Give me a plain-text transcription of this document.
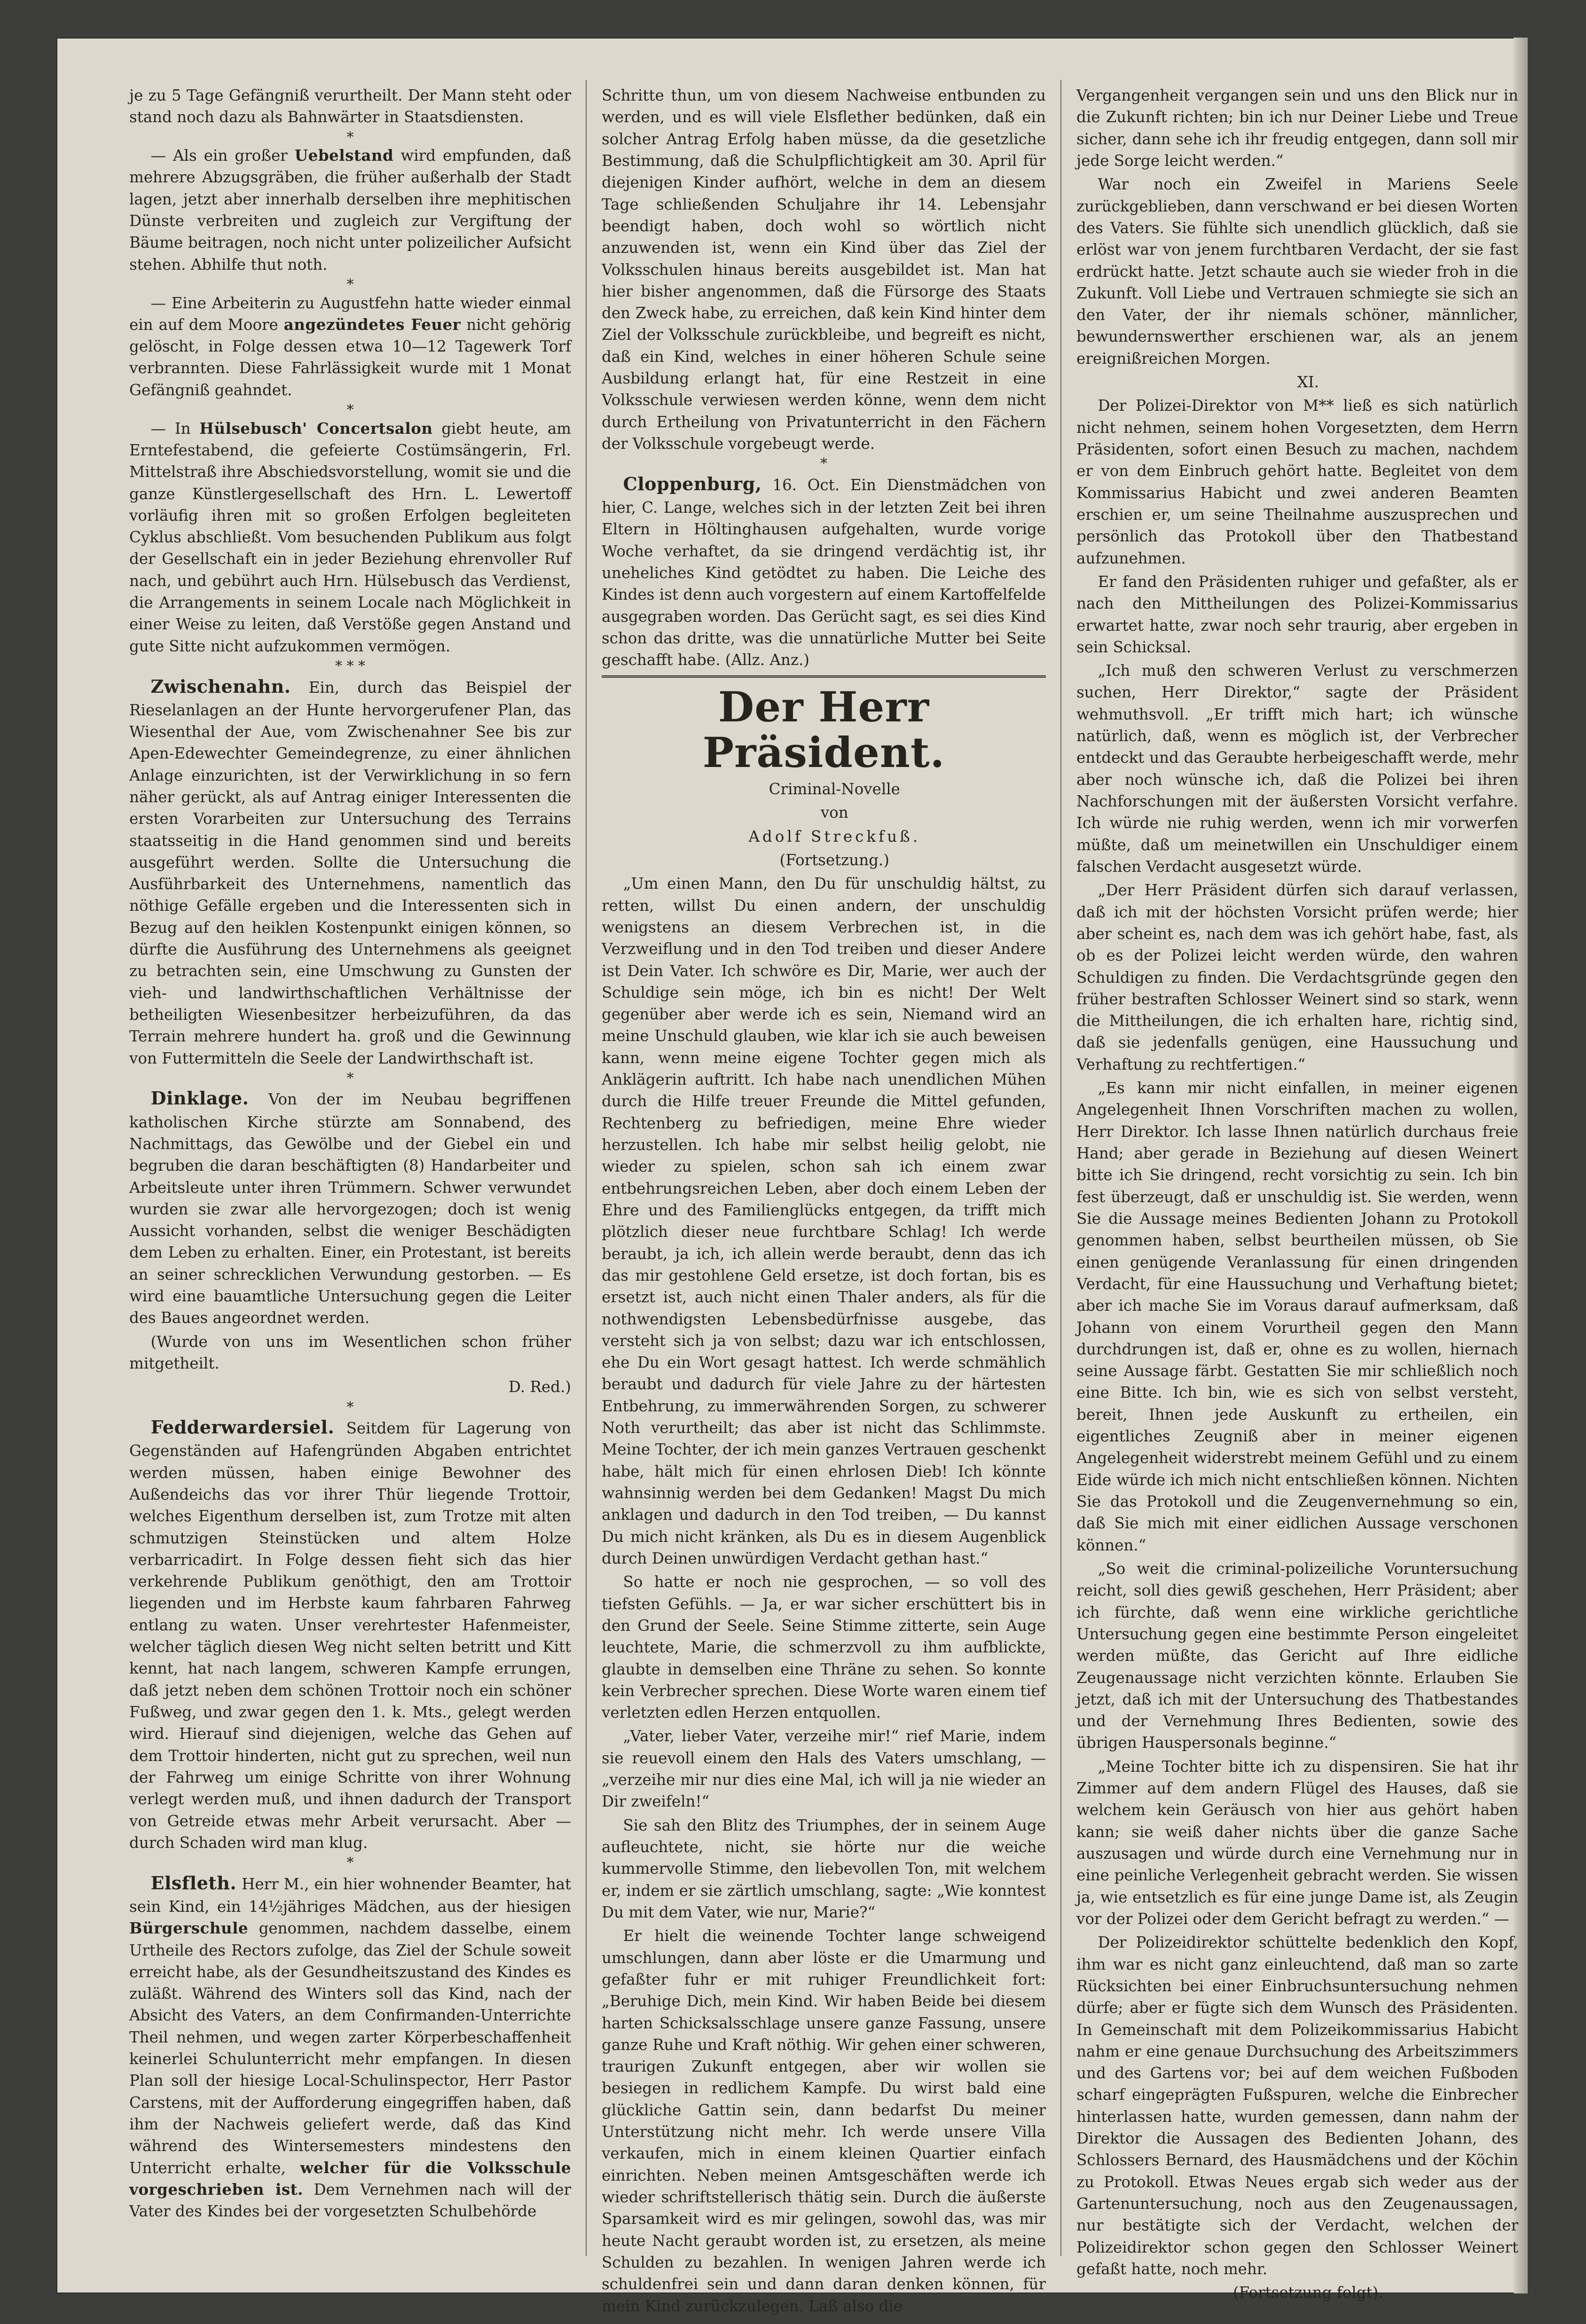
je zu 5 Tage Gefängniß verurtheilt. Der Mann steht oder stand noch dazu als Bahnwärter in Staatsdiensten.

*

— Als ein großer Uebelstand wird empfunden, daß mehrere Abzugsgräben, die früher außerhalb der Stadt lagen, jetzt aber innerhalb derselben ihre mephitischen Dünste verbreiten und zugleich zur Vergiftung der Bäume beitragen, noch nicht unter polizeilicher Aufsicht stehen. Abhilfe thut noth.

*

— Eine Arbeiterin zu Augustfehn hatte wieder einmal ein auf dem Moore angezündetes Feuer nicht gehörig gelöscht, in Folge dessen etwa 10—12 Tagewerk Torf verbrannten. Diese Fahrlässigkeit wurde mit 1 Monat Gefängniß geahndet.

*

— In Hülsebusch' Concertsalon giebt heute, am Erntefestabend, die gefeierte Costümsängerin, Frl. Mittelstraß ihre Abschiedsvorstellung, womit sie und die ganze Künstlergesellschaft des Hrn. L. Lewertoff vorläufig ihren mit so großen Erfolgen begleiteten Cyklus abschließt. Vom besuchenden Publikum aus folgt der Gesellschaft ein in jeder Beziehung ehrenvoller Ruf nach, und gebührt auch Hrn. Hülsebusch das Verdienst, die Arrangements in seinem Locale nach Möglichkeit in einer Weise zu leiten, daß Verstöße gegen Anstand und gute Sitte nicht aufzukommen vermögen.

* * *

Zwischenahn. Ein, durch das Beispiel der Rieselanlagen an der Hunte hervorgerufener Plan, das Wiesenthal der Aue, vom Zwischenahner See bis zur Apen-Edewechter Gemeindegrenze, zu einer ähnlichen Anlage einzurichten, ist der Verwirklichung in so fern näher gerückt, als auf Antrag einiger Interessenten die ersten Vorarbeiten zur Untersuchung des Terrains staatsseitig in die Hand genommen sind und bereits ausgeführt werden. Sollte die Untersuchung die Ausführbarkeit des Unternehmens, namentlich das nöthige Gefälle ergeben und die Interessenten sich in Bezug auf den heiklen Kostenpunkt einigen können, so dürfte die Ausführung des Unternehmens als geeignet zu betrachten sein, eine Umschwung zu Gunsten der vieh- und landwirthschaftlichen Verhältnisse der betheiligten Wiesenbesitzer herbeizuführen, da das Terrain mehrere hundert ha. groß und die Gewinnung von Futtermitteln die Seele der Landwirthschaft ist.

*

Dinklage. Von der im Neubau begriffenen katholischen Kirche stürzte am Sonnabend, des Nachmittags, das Gewölbe und der Giebel ein und begruben die daran beschäftigten (8) Handarbeiter und Arbeitsleute unter ihren Trümmern. Schwer verwundet wurden sie zwar alle hervorgezogen; doch ist wenig Aussicht vorhanden, selbst die weniger Beschädigten dem Leben zu erhalten. Einer, ein Protestant, ist bereits an seiner schrecklichen Verwundung gestorben. — Es wird eine bauamtliche Untersuchung gegen die Leiter des Baues angeordnet werden.

(Wurde von uns im Wesentlichen schon früher mitgetheilt.

D. Red.)

*

Fedderwardersiel. Seitdem für Lagerung von Gegenständen auf Hafengründen Abgaben entrichtet werden müssen, haben einige Bewohner des Außendeichs das vor ihrer Thür liegende Trottoir, welches Eigenthum derselben ist, zum Trotze mit alten schmutzigen Steinstücken und altem Holze verbarricadirt. In Folge dessen fieht sich das hier verkehrende Publikum genöthigt, den am Trottoir liegenden und im Herbste kaum fahrbaren Fahrweg entlang zu waten. Unser verehrtester Hafenmeister, welcher täglich diesen Weg nicht selten betritt und Kitt kennt, hat nach langem, schweren Kampfe errungen, daß jetzt neben dem schönen Trottoir noch ein schöner Fußweg, und zwar gegen den 1. k. Mts., gelegt werden wird. Hierauf sind diejenigen, welche das Gehen auf dem Trottoir hinderten, nicht gut zu sprechen, weil nun der Fahrweg um einige Schritte von ihrer Wohnung verlegt werden muß, und ihnen dadurch der Transport von Getreide etwas mehr Arbeit verursacht. Aber — durch Schaden wird man klug.

*

Elsfleth. Herr M., ein hier wohnender Beamter, hat sein Kind, ein 14½jähriges Mädchen, aus der hiesigen Bürgerschule genommen, nachdem dasselbe, einem Urtheile des Rectors zufolge, das Ziel der Schule soweit erreicht habe, als der Gesundheitszustand des Kindes es zuläßt. Während des Winters soll das Kind, nach der Absicht des Vaters, an dem Confirmanden-Unterrichte Theil nehmen, und wegen zarter Körperbeschaffenheit keinerlei Schulunterricht mehr empfangen. In diesen Plan soll der hiesige Local-Schulinspector, Herr Pastor Carstens, mit der Aufforderung eingegriffen haben, daß ihm der Nachweis geliefert werde, daß das Kind während des Wintersemesters mindestens den Unterricht erhalte, welcher für die Volksschule vorgeschrieben ist. Dem Vernehmen nach will der Vater des Kindes bei der vorgesetzten Schulbehörde

Schritte thun, um von diesem Nachweise entbunden zu werden, und es will viele Elsflether bedünken, daß ein solcher Antrag Erfolg haben müsse, da die gesetzliche Bestimmung, daß die Schulpflichtigkeit am 30. April für diejenigen Kinder aufhört, welche in dem an diesem Tage schließenden Schuljahre ihr 14. Lebensjahr beendigt haben, doch wohl so wörtlich nicht anzuwenden ist, wenn ein Kind über das Ziel der Volksschulen hinaus bereits ausgebildet ist. Man hat hier bisher angenommen, daß die Fürsorge des Staats den Zweck habe, zu erreichen, daß kein Kind hinter dem Ziel der Volksschule zurückbleibe, und begreift es nicht, daß ein Kind, welches in einer höheren Schule seine Ausbildung erlangt hat, für eine Restzeit in eine Volksschule verwiesen werden könne, wenn dem nicht durch Ertheilung von Privatunterricht in den Fächern der Volksschule vorgebeugt werde.

*

Cloppenburg, 16. Oct. Ein Dienstmädchen von hier, C. Lange, welches sich in der letzten Zeit bei ihren Eltern in Höltinghausen aufgehalten, wurde vorige Woche verhaftet, da sie dringend verdächtig ist, ihr uneheliches Kind getödtet zu haben. Die Leiche des Kindes ist denn auch vorgestern auf einem Kartoffelfelde ausgegraben worden. Das Gerücht sagt, es sei dies Kind schon das dritte, was die unnatürliche Mutter bei Seite geschafft habe. (Allz. Anz.)

Der Herr Präsident.

Criminal-Novelle

von

Adolf Streckfuß.

(Fortsetzung.)

„Um einen Mann, den Du für unschuldig hältst, zu retten, willst Du einen andern, der unschuldig wenigstens an diesem Verbrechen ist, in die Verzweiflung und in den Tod treiben und dieser Andere ist Dein Vater. Ich schwöre es Dir, Marie, wer auch der Schuldige sein möge, ich bin es nicht! Der Welt gegenüber aber werde ich es sein, Niemand wird an meine Unschuld glauben, wie klar ich sie auch beweisen kann, wenn meine eigene Tochter gegen mich als Anklägerin auftritt. Ich habe nach unendlichen Mühen durch die Hilfe treuer Freunde die Mittel gefunden, Rechtenberg zu befriedigen, meine Ehre wieder herzustellen. Ich habe mir selbst heilig gelobt, nie wieder zu spielen, schon sah ich einem zwar entbehrungsreichen Leben, aber doch einem Leben der Ehre und des Familienglücks entgegen, da trifft mich plötzlich dieser neue furchtbare Schlag! Ich werde beraubt, ja ich, ich allein werde beraubt, denn das ich das mir gestohlene Geld ersetze, ist doch fortan, bis es ersetzt ist, auch nicht einen Thaler anders, als für die nothwendigsten Lebensbedürfnisse ausgebe, das versteht sich ja von selbst; dazu war ich entschlossen, ehe Du ein Wort gesagt hattest. Ich werde schmählich beraubt und dadurch für viele Jahre zu der härtesten Entbehrung, zu immerwährenden Sorgen, zu schwerer Noth verurtheilt; das aber ist nicht das Schlimmste. Meine Tochter, der ich mein ganzes Vertrauen geschenkt habe, hält mich für einen ehrlosen Dieb! Ich könnte wahnsinnig werden bei dem Gedanken! Magst Du mich anklagen und dadurch in den Tod treiben, — Du kannst Du mich nicht kränken, als Du es in diesem Augenblick durch Deinen unwürdigen Verdacht gethan hast.“

So hatte er noch nie gesprochen, — so voll des tiefsten Gefühls. — Ja, er war sicher erschüttert bis in den Grund der Seele. Seine Stimme zitterte, sein Auge leuchtete, Marie, die schmerzvoll zu ihm aufblickte, glaubte in demselben eine Thräne zu sehen. So konnte kein Verbrecher sprechen. Diese Worte waren einem tief verletzten edlen Herzen entquollen.

„Vater, lieber Vater, verzeihe mir!“ rief Marie, indem sie reuevoll einem den Hals des Vaters umschlang, — „verzeihe mir nur dies eine Mal, ich will ja nie wieder an Dir zweifeln!“

Sie sah den Blitz des Triumphes, der in seinem Auge aufleuchtete, nicht, sie hörte nur die weiche kummervolle Stimme, den liebevollen Ton, mit welchem er, indem er sie zärtlich umschlang, sagte: „Wie konntest Du mit dem Vater, wie nur, Marie?“

Er hielt die weinende Tochter lange schweigend umschlungen, dann aber löste er die Umarmung und gefaßter fuhr er mit ruhiger Freundlichkeit fort: „Beruhige Dich, mein Kind. Wir haben Beide bei diesem harten Schicksalsschlage unsere ganze Fassung, unsere ganze Ruhe und Kraft nöthig. Wir gehen einer schweren, traurigen Zukunft entgegen, aber wir wollen sie besiegen in redlichem Kampfe. Du wirst bald eine glückliche Gattin sein, dann bedarfst Du meiner Unterstützung nicht mehr. Ich werde unsere Villa verkaufen, mich in einem kleinen Quartier einfach einrichten. Neben meinen Amtsgeschäften werde ich wieder schriftstellerisch thätig sein. Durch die äußerste Sparsamkeit wird es mir gelingen, sowohl das, was mir heute Nacht geraubt worden ist, zu ersetzen, als meine Schulden zu bezahlen. In wenigen Jahren werde ich schuldenfrei sein und dann daran denken können, für mein Kind zurückzulegen. Laß also die

Vergangenheit vergangen sein und uns den Blick nur in die Zukunft richten; bin ich nur Deiner Liebe und Treue sicher, dann sehe ich ihr freudig entgegen, dann soll mir jede Sorge leicht werden.“

War noch ein Zweifel in Mariens Seele zurückgeblieben, dann verschwand er bei diesen Worten des Vaters. Sie fühlte sich unendlich glücklich, daß sie erlöst war von jenem furchtbaren Verdacht, der sie fast erdrückt hatte. Jetzt schaute auch sie wieder froh in die Zukunft. Voll Liebe und Vertrauen schmiegte sie sich an den Vater, der ihr niemals schöner, männlicher, bewundernswerther erschienen war, als an jenem ereignißreichen Morgen.

XI.

Der Polizei-Direktor von M** ließ es sich natürlich nicht nehmen, seinem hohen Vorgesetzten, dem Herrn Präsidenten, sofort einen Besuch zu machen, nachdem er von dem Einbruch gehört hatte. Begleitet von dem Kommissarius Habicht und zwei anderen Beamten erschien er, um seine Theilnahme auszusprechen und persönlich das Protokoll über den Thatbestand aufzunehmen.

Er fand den Präsidenten ruhiger und gefaßter, als er nach den Mittheilungen des Polizei-Kommissarius erwartet hatte, zwar noch sehr traurig, aber ergeben in sein Schicksal.

„Ich muß den schweren Verlust zu verschmerzen suchen, Herr Direktor,“ sagte der Präsident wehmuthsvoll. „Er trifft mich hart; ich wünsche natürlich, daß, wenn es möglich ist, der Verbrecher entdeckt und das Geraubte herbeigeschafft werde, mehr aber noch wünsche ich, daß die Polizei bei ihren Nachforschungen mit der äußersten Vorsicht verfahre. Ich würde nie ruhig werden, wenn ich mir vorwerfen müßte, daß um meinetwillen ein Unschuldiger einem falschen Verdacht ausgesetzt würde.

„Der Herr Präsident dürfen sich darauf verlassen, daß ich mit der höchsten Vorsicht prüfen werde; hier aber scheint es, nach dem was ich gehört habe, fast, als ob es der Polizei leicht werden würde, den wahren Schuldigen zu finden. Die Verdachtsgründe gegen den früher bestraften Schlosser Weinert sind so stark, wenn die Mittheilungen, die ich erhalten hare, richtig sind, daß sie jedenfalls genügen, eine Haussuchung und Verhaftung zu rechtfertigen.“

„Es kann mir nicht einfallen, in meiner eigenen Angelegenheit Ihnen Vorschriften machen zu wollen, Herr Direktor. Ich lasse Ihnen natürlich durchaus freie Hand; aber gerade in Beziehung auf diesen Weinert bitte ich Sie dringend, recht vorsichtig zu sein. Ich bin fest überzeugt, daß er unschuldig ist. Sie werden, wenn Sie die Aussage meines Bedienten Johann zu Protokoll genommen haben, selbst beurtheilen müssen, ob Sie einen genügende Veranlassung für einen dringenden Verdacht, für eine Haussuchung und Verhaftung bietet; aber ich mache Sie im Voraus darauf aufmerksam, daß Johann von einem Vorurtheil gegen den Mann durchdrungen ist, daß er, ohne es zu wollen, hiernach seine Aussage färbt. Gestatten Sie mir schließlich noch eine Bitte. Ich bin, wie es sich von selbst versteht, bereit, Ihnen jede Auskunft zu ertheilen, ein eigentliches Zeugniß aber in meiner eigenen Angelegenheit widerstrebt meinem Gefühl und zu einem Eide würde ich mich nicht entschließen können. Nichten Sie das Protokoll und die Zeugenvernehmung so ein, daß Sie mich mit einer eidlichen Aussage verschonen können.“

„So weit die criminal-polizeiliche Voruntersuchung reicht, soll dies gewiß geschehen, Herr Präsident; aber ich fürchte, daß wenn eine wirkliche gerichtliche Untersuchung gegen eine bestimmte Person eingeleitet werden müßte, das Gericht auf Ihre eidliche Zeugenaussage nicht verzichten könnte. Erlauben Sie jetzt, daß ich mit der Untersuchung des Thatbestandes und der Vernehmung Ihres Bedienten, sowie des übrigen Hauspersonals beginne.“

„Meine Tochter bitte ich zu dispensiren. Sie hat ihr Zimmer auf dem andern Flügel des Hauses, daß sie welchem kein Geräusch von hier aus gehört haben kann; sie weiß daher nichts über die ganze Sache auszusagen und würde durch eine Vernehmung nur in eine peinliche Verlegenheit gebracht werden. Sie wissen ja, wie entsetzlich es für eine junge Dame ist, als Zeugin vor der Polizei oder dem Gericht befragt zu werden.“ —

Der Polizeidirektor schüttelte bedenklich den Kopf, ihm war es nicht ganz einleuchtend, daß man so zarte Rücksichten bei einer Einbruchsuntersuchung nehmen dürfe; aber er fügte sich dem Wunsch des Präsidenten. In Gemeinschaft mit dem Polizeikommissarius Habicht nahm er eine genaue Durchsuchung des Arbeitszimmers und des Gartens vor; bei auf dem weichen Fußboden scharf eingeprägten Fußspuren, welche die Einbrecher hinterlassen hatte, wurden gemessen, dann nahm der Direktor die Aussagen des Bedienten Johann, des Schlossers Bernard, des Hausmädchens und der Köchin zu Protokoll. Etwas Neues ergab sich weder aus der Gartenuntersuchung, noch aus den Zeugenaussagen, nur bestätigte sich der Verdacht, welchen der Polizeidirektor schon gegen den Schlosser Weinert gefaßt hatte, noch mehr.

(Fortsetzung folgt).
